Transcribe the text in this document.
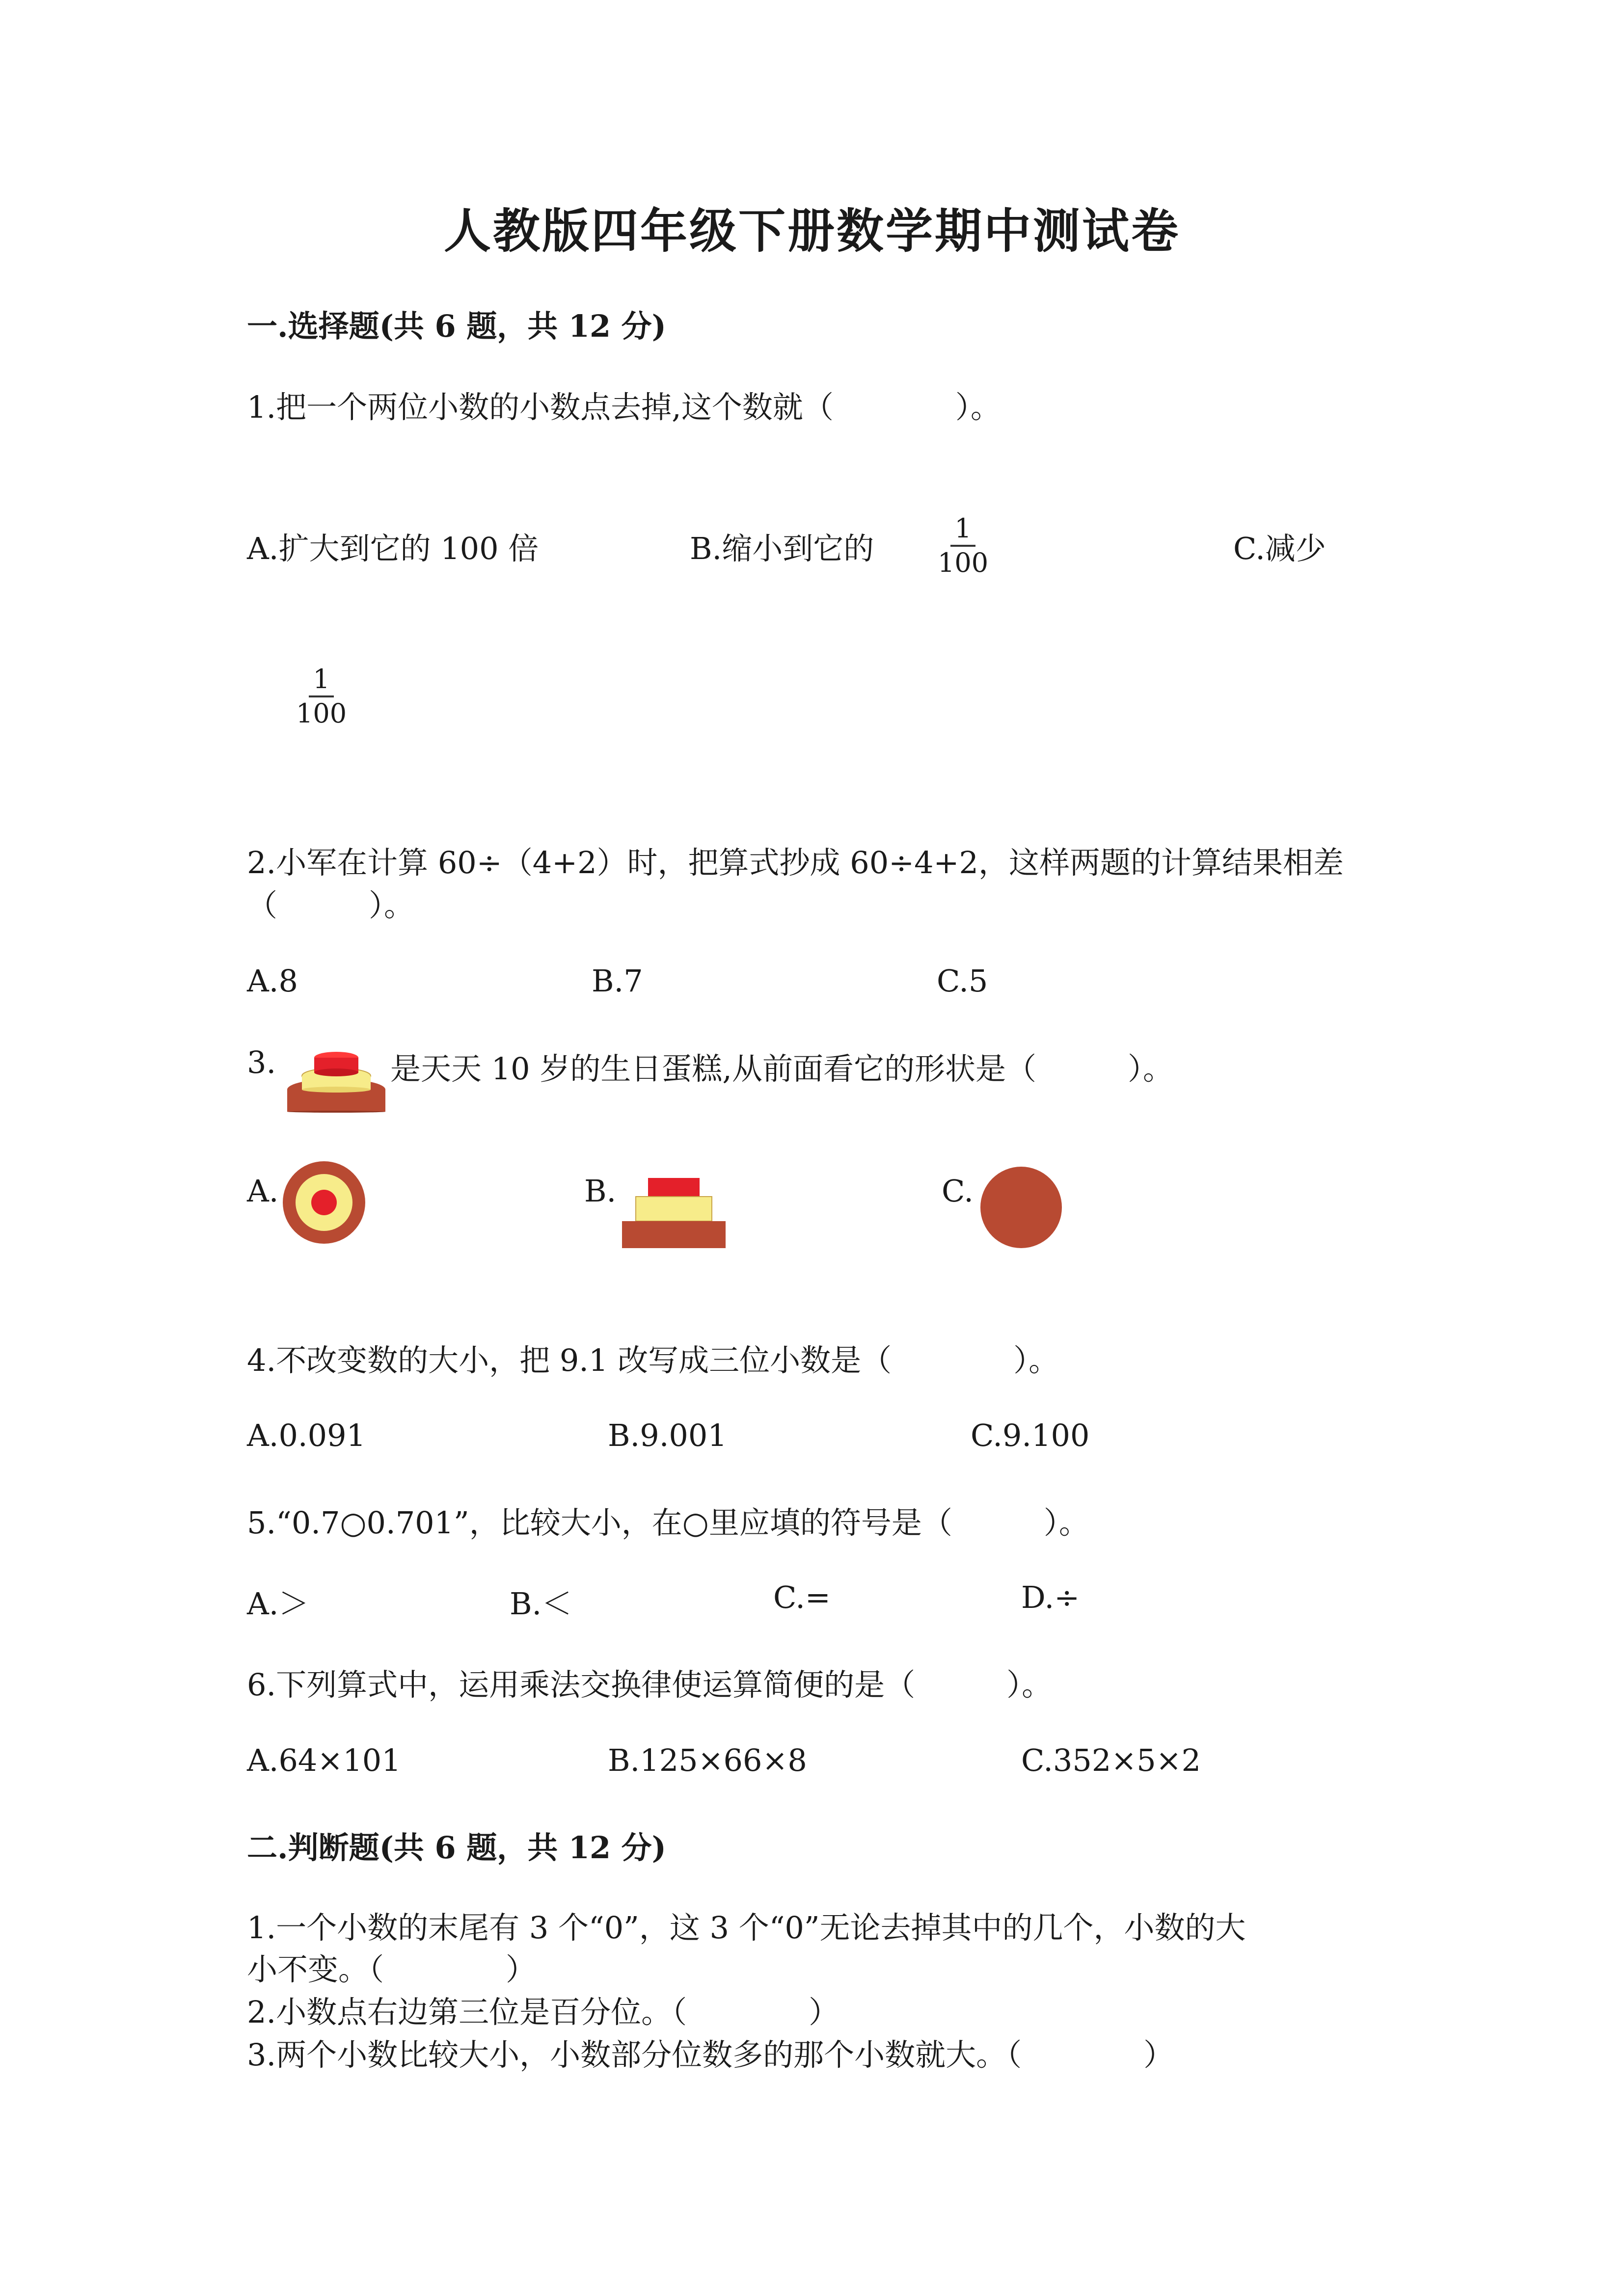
人教版四年级下册数学期中测试卷
一.选择题(共 6 题，共 12 分)
1.把一个两位小数的小数点去掉,这个数就（　　　　）。
A.扩大到它的 100 倍	B.缩小到它的 $\frac{1}{100}$	C.减少
$\frac{1}{100}$
2.小军在计算 60÷（4+2）时，把算式抄成 60÷4+2，这样两题的计算结果相差
（　　　）。
A.8	B.7	C.5
3.	是天天 10 岁的生日蛋糕,从前面看它的形状是（　　　）。
A.	B.	C.
4.不改变数的大小，把 9.1 改写成三位小数是（　　　　）。
A.0.091	B.9.001	C.9.100
5.“0.7○0.701”，比较大小，在○里应填的符号是（　　　）。
A.＞	B.＜	C.=	D.÷
6.下列算式中，运用乘法交换律使运算简便的是（　　　）。
A.64×101	B.125×66×8	C.352×5×2
二.判断题(共 6 题，共 12 分)
1.一个小数的末尾有 3 个“0”，这 3 个“0”无论去掉其中的几个，小数的大
小不变。（　　　　）
2.小数点右边第三位是百分位。（　　　　）
3.两个小数比较大小，小数部分位数多的那个小数就大。（　　　　）
